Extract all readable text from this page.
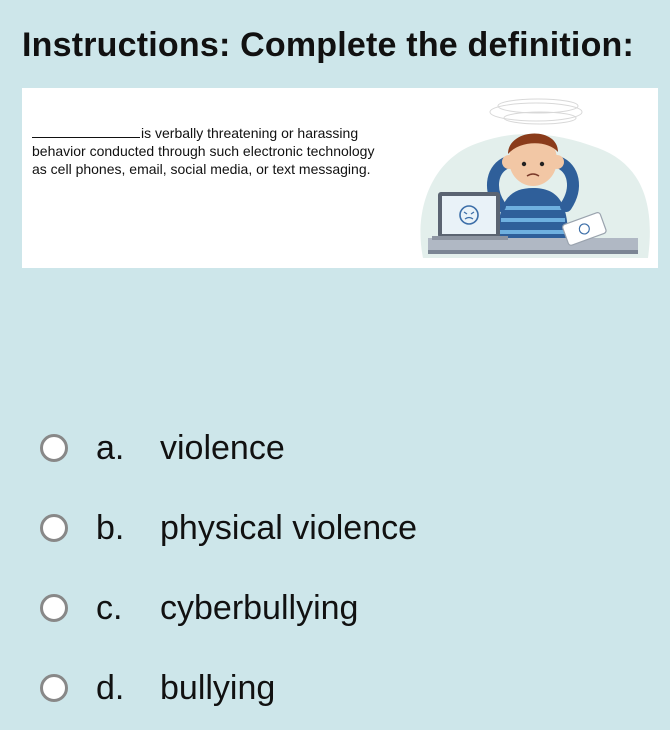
Instructions: Complete the definition:
is verbally threatening or harassing behavior conducted through such electronic technology as cell phones, email, social media, or text messaging.
a.	violence
b.	physical violence
c.	cyberbullying
d.	bullying
